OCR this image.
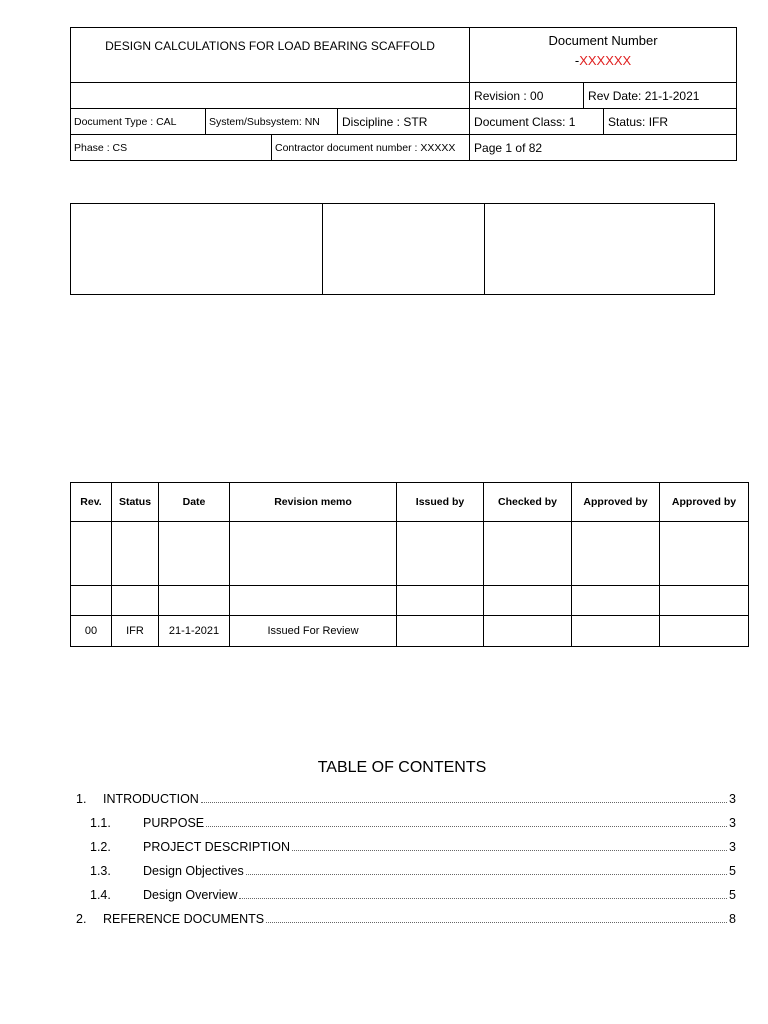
DESIGN CALCULATIONS FOR LOAD BEARING SCAFFOLD				Document Number
-XXXXXX		

				Revision : 00	Rev Date: 21-1-2021	
Document Type : CAL	System/Subsystem: NN		Discipline : STR	Document Class: 1		Status: IFR
Phase : CS		Contractor document number : XXXXX		Page 1 of 82		

Rev.	Status	Date	Revision memo	Issued by	Checked by	Approved by	Approved by

00	IFR	21-1-2021	Issued For Review				
TABLE OF CONTENTS
1.	INTRODUCTION	3
1.1.	PURPOSE	3
1.2.	PROJECT DESCRIPTION	3
1.3.	Design Objectives	5
1.4.	Design Overview	5
2.	REFERENCE DOCUMENTS	8
